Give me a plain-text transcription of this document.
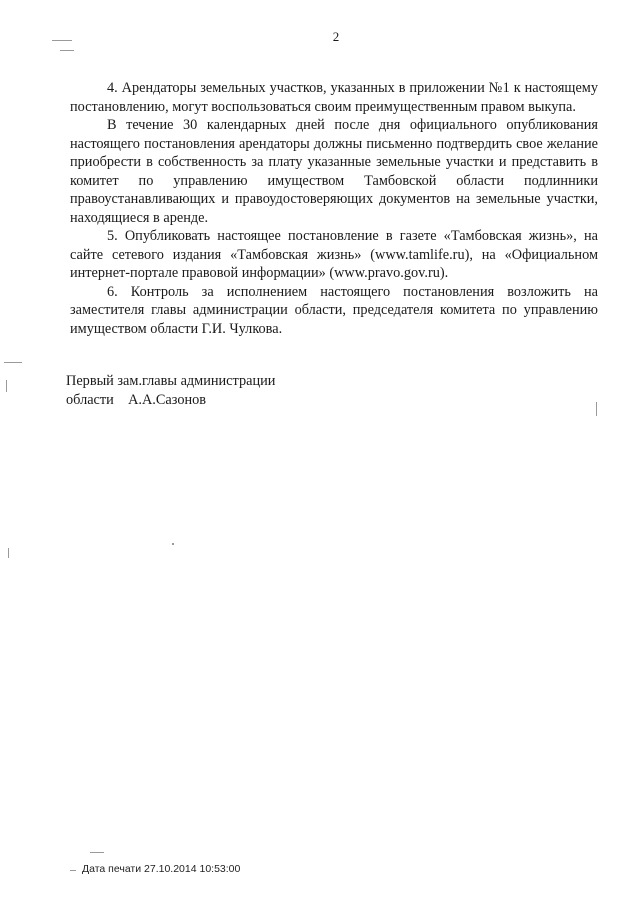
2

4. Арендаторы земельных участков, указанных в приложении №1 к настоящему постановлению, могут воспользоваться своим преимущественным правом выкупа.

В течение 30 календарных дней после дня официального опубликования настоящего постановления арендаторы должны письменно подтвердить свое желание приобрести в собственность за плату указанные земельные участки и представить в комитет по управлению имуществом Тамбовской области подлинники правоустанавливающих и правоудостоверяющих документов на земельные участки, находящиеся в аренде.

5. Опубликовать настоящее постановление в газете «Тамбовская жизнь», на сайте сетевого издания «Тамбовская жизнь» (www.tamlife.ru), на «Официальном интернет-портале правовой информации» (www.pravo.gov.ru).

6. Контроль за исполнением настоящего постановления возложить на заместителя главы администрации области, председателя комитета по управлению имуществом области Г.И. Чулкова.

Первый зам.главы администрации
области    А.А.Сазонов
Дата печати 27.10.2014 10:53:00
